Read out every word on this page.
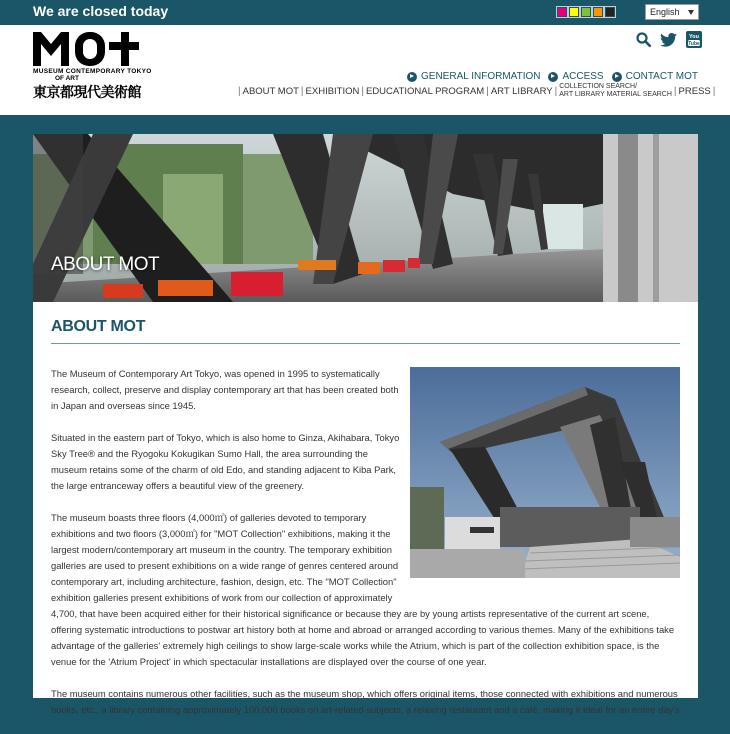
We are closed today	English
MUSEUM CONTEMPORARY TOKYO
OF ART
東京都現代美術館
You
Tube
GENERAL INFORMATION ACCESS CONTACT MOT
| ABOUT MOT | EXHIBITION | EDUCATIONAL PROGRAM | ART LIBRARY | COLLECTION SEARCH/
ART LIBRARY MATERIAL SEARCH | PRESS |
ABOUT MOT
ABOUT MOT

The Museum of Contemporary Art Tokyo, was opened in 1995 to systematically research, collect, preserve and display contemporary art that has been created both in Japan and overseas since 1945.

Situated in the eastern part of Tokyo, which is also home to Ginza, Akihabara, Tokyo Sky Tree® and the Ryogoku Kokugikan Sumo Hall, the area surrounding the museum retains some of the charm of old Edo, and standing adjacent to Kiba Park, the large entranceway offers a beautiful view of the greenery.

The museum boasts three floors (4,000㎡) of galleries devoted to temporary exhibitions and two floors (3,000㎡) for "MOT Collection" exhibitions, making it the largest modern/contemporary art museum in the country. The temporary exhibition galleries are used to present exhibitions on a wide range of genres centered around contemporary art, including architecture, fashion, design, etc. The "MOT Collection" exhibition galleries present exhibitions of work from our collection of approximately
4,700, that have been acquired either for their historical significance or because they are by young artists representative of the current art scene, offering systematic introductions to postwar art history both at home and abroad or arranged according to various themes. Many of the exhibitions take advantage of the galleries' extremely high ceilings to show large-scale works while the Atrium, which is part of the collection exhibition space, is the venue for the 'Atrium Project' in which spectacular installations are displayed over the course of one year.

The museum contains numerous other facilities, such as the museum shop, which offers original items, those connected with exhibitions and numerous books, etc., a library containing approximately 100,000 books on art-related subjects, a relaxing restaurant and a café, making it ideal for an entire day's
